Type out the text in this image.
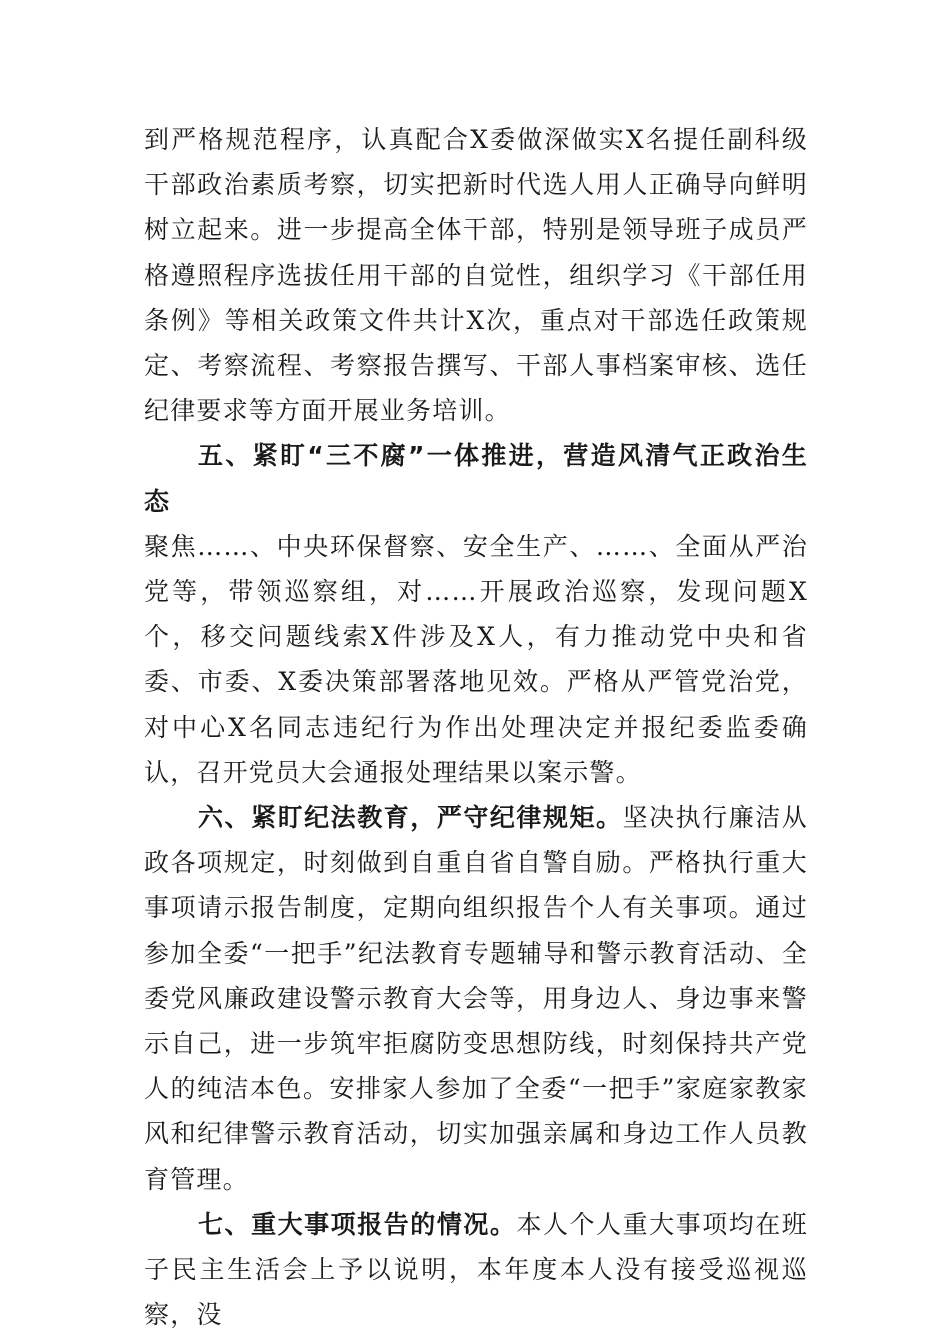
到严格规范程序，认真配合X委做深做实X名提任副科级干部政治素质考察，切实把新时代选人用人正确导向鲜明树立起来。进一步提高全体干部，特别是领导班子成员严格遵照程序选拔任用干部的自觉性，组织学习《干部任用条例》等相关政策文件共计X次，重点对干部选任政策规定、考察流程、考察报告撰写、干部人事档案审核、选任纪律要求等方面开展业务培训。

五、紧盯“三不腐”一体推进，营造风清气正政治生态

聚焦……、中央环保督察、安全生产、……、全面从严治党等，带领巡察组，对……开展政治巡察，发现问题X个，移交问题线索X件涉及X人，有力推动党中央和省委、市委、X委决策部署落地见效。严格从严管党治党，对中心X名同志违纪行为作出处理决定并报纪委监委确认，召开党员大会通报处理结果以案示警。

六、紧盯纪法教育，严守纪律规矩。坚决执行廉洁从政各项规定，时刻做到自重自省自警自励。严格执行重大事项请示报告制度，定期向组织报告个人有关事项。通过参加全委“一把手”纪法教育专题辅导和警示教育活动、全委党风廉政建设警示教育大会等，用身边人、身边事来警示自己，进一步筑牢拒腐防变思想防线，时刻保持共产党人的纯洁本色。安排家人参加了全委“一把手”家庭家教家风和纪律警示教育活动，切实加强亲属和身边工作人员教育管理。

七、重大事项报告的情况。本人个人重大事项均在班子民主生活会上予以说明，本年度本人没有接受巡视巡察，没
